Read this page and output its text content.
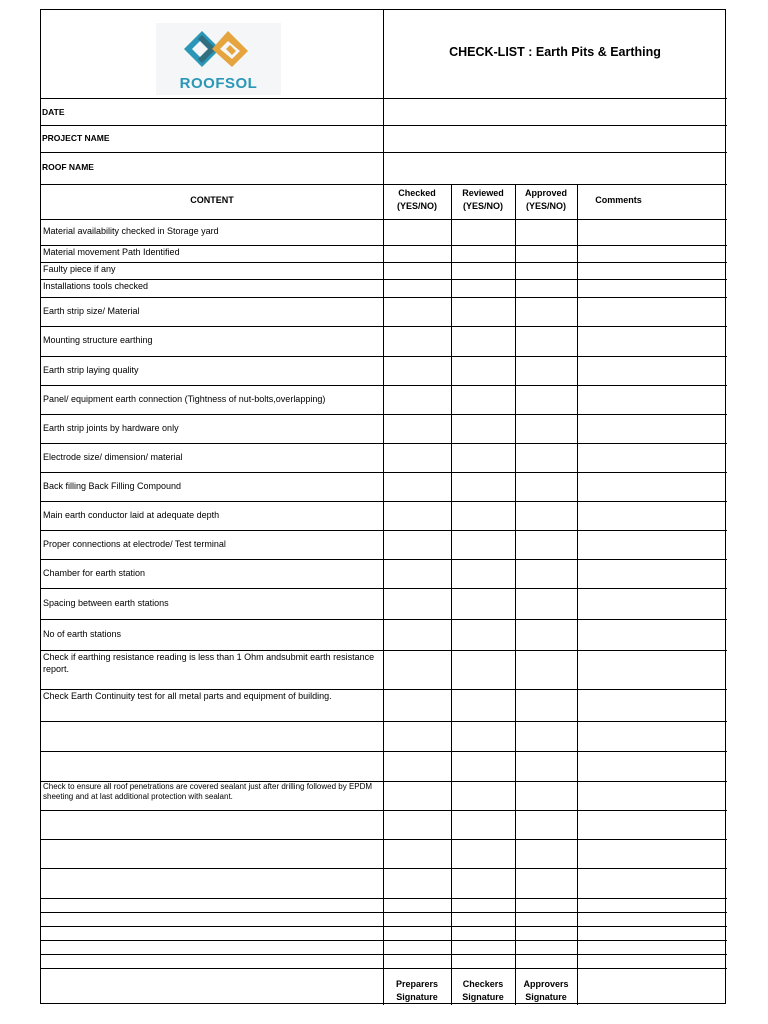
ROOFSOL
CHECK-LIST : Earth Pits & Earthing
DATE
PROJECT NAME
ROOF NAME
CONTENT
Checked
(YES/NO)
Reviewed
(YES/NO)
Approved
(YES/NO)
Comments
Material availability checked in Storage yard
Material movement Path Identified
Faulty piece if any
Installations tools checked
Earth strip size/ Material
Mounting structure earthing
Earth strip laying quality
Panel/ equipment earth connection (Tightness of nut-bolts,overlapping)
Earth strip joints by hardware only
Electrode size/ dimension/ material
Back filling Back Filling Compound
Main earth conductor laid at adequate depth
Proper connections at electrode/ Test terminal
Chamber for earth station
Spacing between earth stations
No of earth stations
Check if earthing resistance reading is less than 1 Ohm andsubmit earth resistance report.
Check Earth Continuity test for all metal parts and equipment of building.
Check to ensure all roof penetrations are covered sealant just after drilling followed by EPDM sheeting and at last additional protection with sealant.
Preparers
Signature
Checkers
Signature
Approvers
Signature
